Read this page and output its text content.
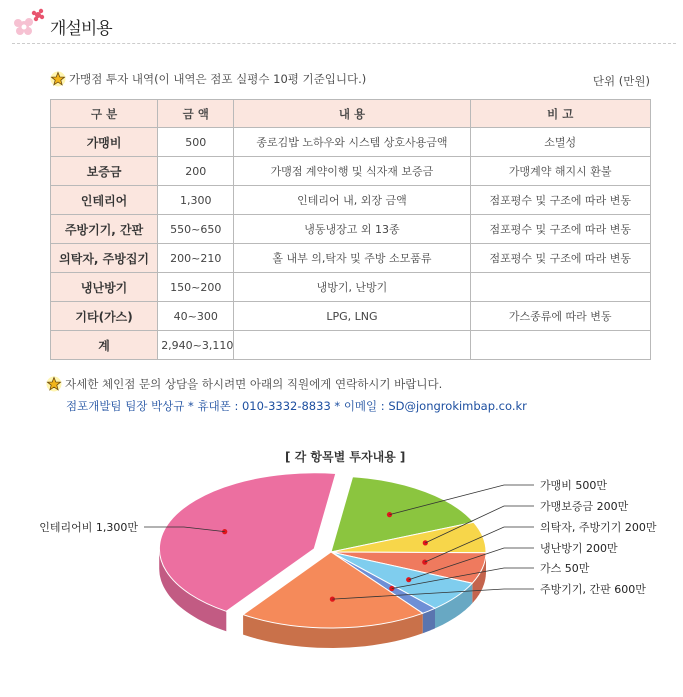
개설비용
가맹점 투자 내역(이 내역은 점포 실평수 10평 기준입니다.)	단위 (만원)
구 분	금 액	내 용	비 고
가맹비	500	종로김밥 노하우와 시스템 상호사용금액	소멸성
보증금	200	가맹점 계약이행 및 식자재 보증금	가맹계약 해지시 환불
인테리어	1,300	인테리어 내, 외장 금액	점포평수 및 구조에 따라 변동
주방기기, 간판	550~650	냉동냉장고 외 13종	점포평수 및 구조에 따라 변동
의탁자, 주방집기	200~210	홀 내부 의,탁자 및 주방 소모품류	점포평수 및 구조에 따라 변동
냉난방기	150~200	냉방기, 난방기	
기타(가스)	40~300	LPG, LNG	가스종류에 따라 변동
계	2,940~3,110		
자세한 체인점 문의 상담을 하시려면 아래의 직원에게 연락하시기 바랍니다.
점포개발팀 팀장 박상규 * 휴대폰 : 010-3332-8833 * 이메일 : SD@jongrokimbap.co.kr
[ 각 항목별 투자내용 ]
가맹비 500만
가맹보증금 200만
의탁자, 주방기기 200만
냉난방기 200만
가스 50만
주방기기, 간판 600만
인테리어비 1,300만
